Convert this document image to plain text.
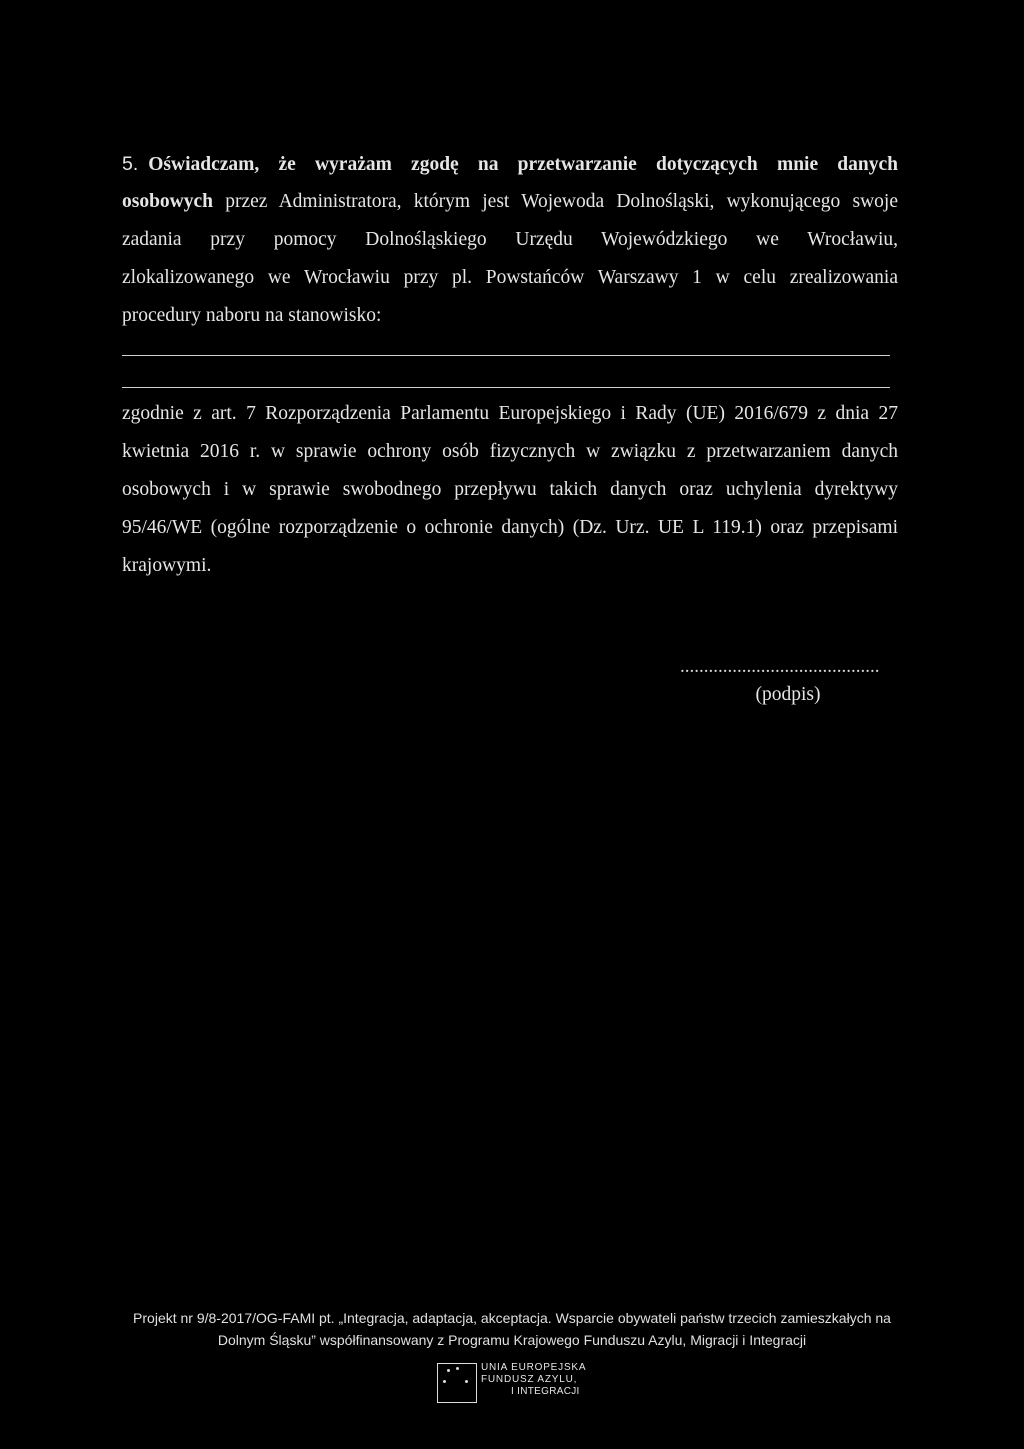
5. Oświadczam, że wyrażam zgodę na przetwarzanie dotyczących mnie danych
osobowych przez Administratora, którym jest Wojewoda Dolnośląski, wykonującego swoje
zadania przy pomocy Dolnośląskiego Urzędu Wojewódzkiego we Wrocławiu,
zlokalizowanego we Wrocławiu przy pl. Powstańców Warszawy 1 w celu zrealizowania
procedury naboru na stanowisko:
zgodnie z art. 7 Rozporządzenia Parlamentu Europejskiego i Rady (UE) 2016/679 z dnia 27
kwietnia 2016 r. w sprawie ochrony osób fizycznych w związku z przetwarzaniem danych
osobowych i w sprawie swobodnego przepływu takich danych oraz uchylenia dyrektywy
95/46/WE (ogólne rozporządzenie o ochronie danych) (Dz. Urz. UE L 119.1) oraz przepisami
krajowymi.
..........................................
(podpis)
Projekt nr 9/8-2017/OG-FAMI pt. „Integracja, adaptacja, akceptacja. Wsparcie obywateli państw trzecich zamieszkałych na
Dolnym Śląsku” współfinansowany z Programu Krajowego Funduszu Azylu, Migracji i Integracji
UNIA EUROPEJSKA
FUNDUSZ AZYLU,
I INTEGRACJI
